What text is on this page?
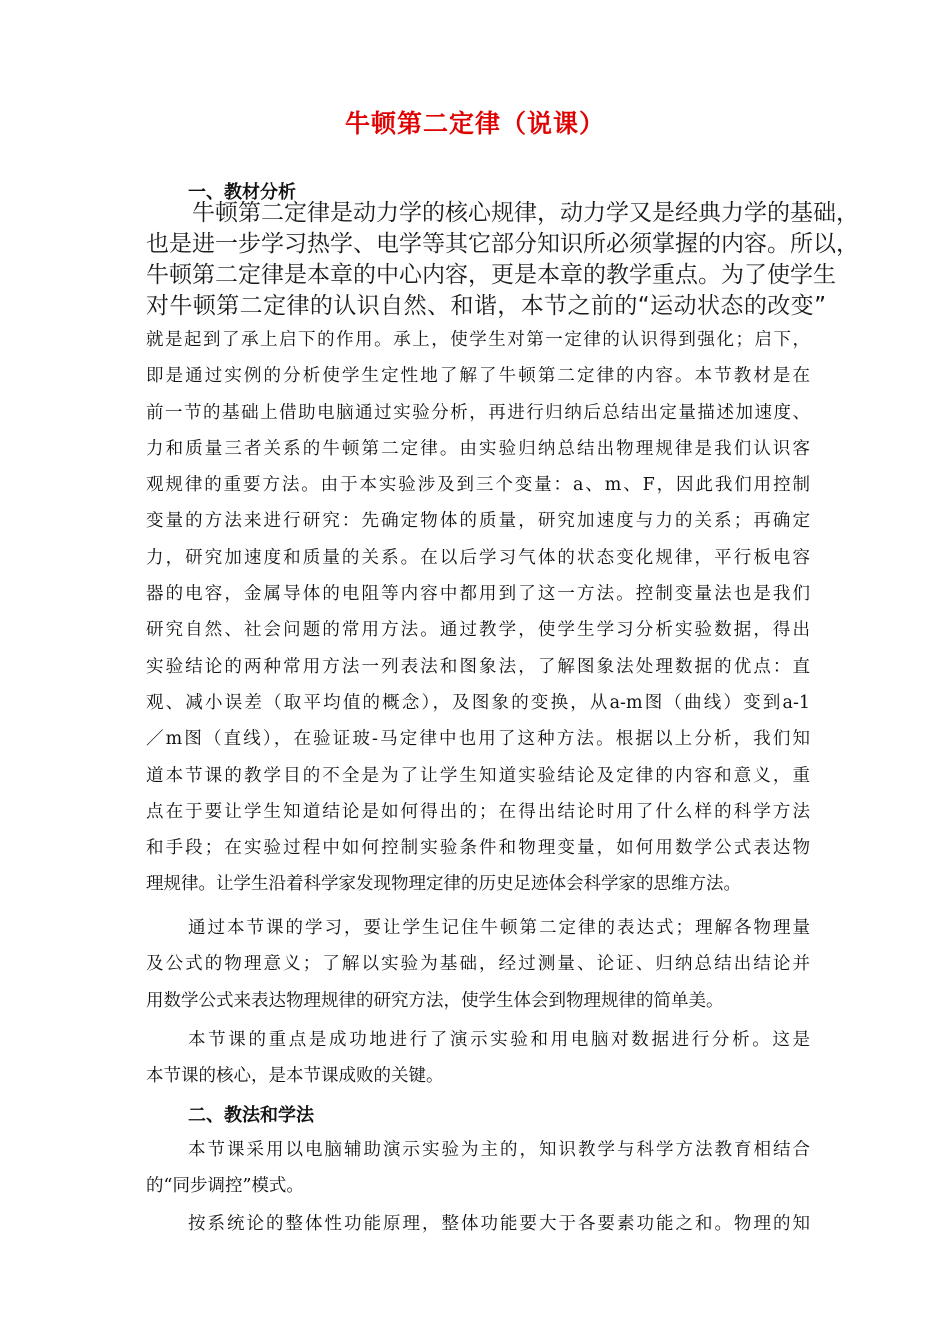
牛顿第二定律（说课）
一、教材分析
牛顿第二定律是动力学的核心规律，动力学又是经典力学的基础，
也是进一步学习热学、电学等其它部分知识所必须掌握的内容。所以，
牛顿第二定律是本章的中心内容，更是本章的教学重点。为了使学生
对牛顿第二定律的认识自然、和谐，本节之前的“运动状态的改变”
就是起到了承上启下的作用。承上，使学生对第一定律的认识得到强化；启下，
即是通过实例的分析使学生定性地了解了牛顿第二定律的内容。本节教材是在
前一节的基础上借助电脑通过实验分析，再进行归纳后总结出定量描述加速度、
力和质量三者关系的牛顿第二定律。由实验归纳总结出物理规律是我们认识客
观规律的重要方法。由于本实验涉及到三个变量：a、m、F，因此我们用控制
变量的方法来进行研究：先确定物体的质量，研究加速度与力的关系；再确定
力，研究加速度和质量的关系。在以后学习气体的状态变化规律，平行板电容
器的电容，金属导体的电阻等内容中都用到了这一方法。控制变量法也是我们
研究自然、社会问题的常用方法。通过教学，使学生学习分析实验数据，得出
实验结论的两种常用方法一列表法和图象法，了解图象法处理数据的优点：直
观、减小误差（取平均值的概念），及图象的变换，从a-m图（曲线）变到a-1
／m图（直线），在验证玻-马定律中也用了这种方法。根据以上分析，我们知
道本节课的教学目的不全是为了让学生知道实验结论及定律的内容和意义，重
点在于要让学生知道结论是如何得出的；在得出结论时用了什么样的科学方法
和手段；在实验过程中如何控制实验条件和物理变量，如何用数学公式表达物
理规律。让学生沿着科学家发现物理定律的历史足迹体会科学家的思维方法。
通过本节课的学习，要让学生记住牛顿第二定律的表达式；理解各物理量
及公式的物理意义；了解以实验为基础，经过测量、论证、归纳总结出结论并
用数学公式来表达物理规律的研究方法，使学生体会到物理规律的简单美。
本节课的重点是成功地进行了演示实验和用电脑对数据进行分析。这是
本节课的核心，是本节课成败的关键。
二、教法和学法
本节课采用以电脑辅助演示实验为主的，知识教学与科学方法教育相结合
的“同步调控”模式。
按系统论的整体性功能原理，整体功能要大于各要素功能之和。物理的知
